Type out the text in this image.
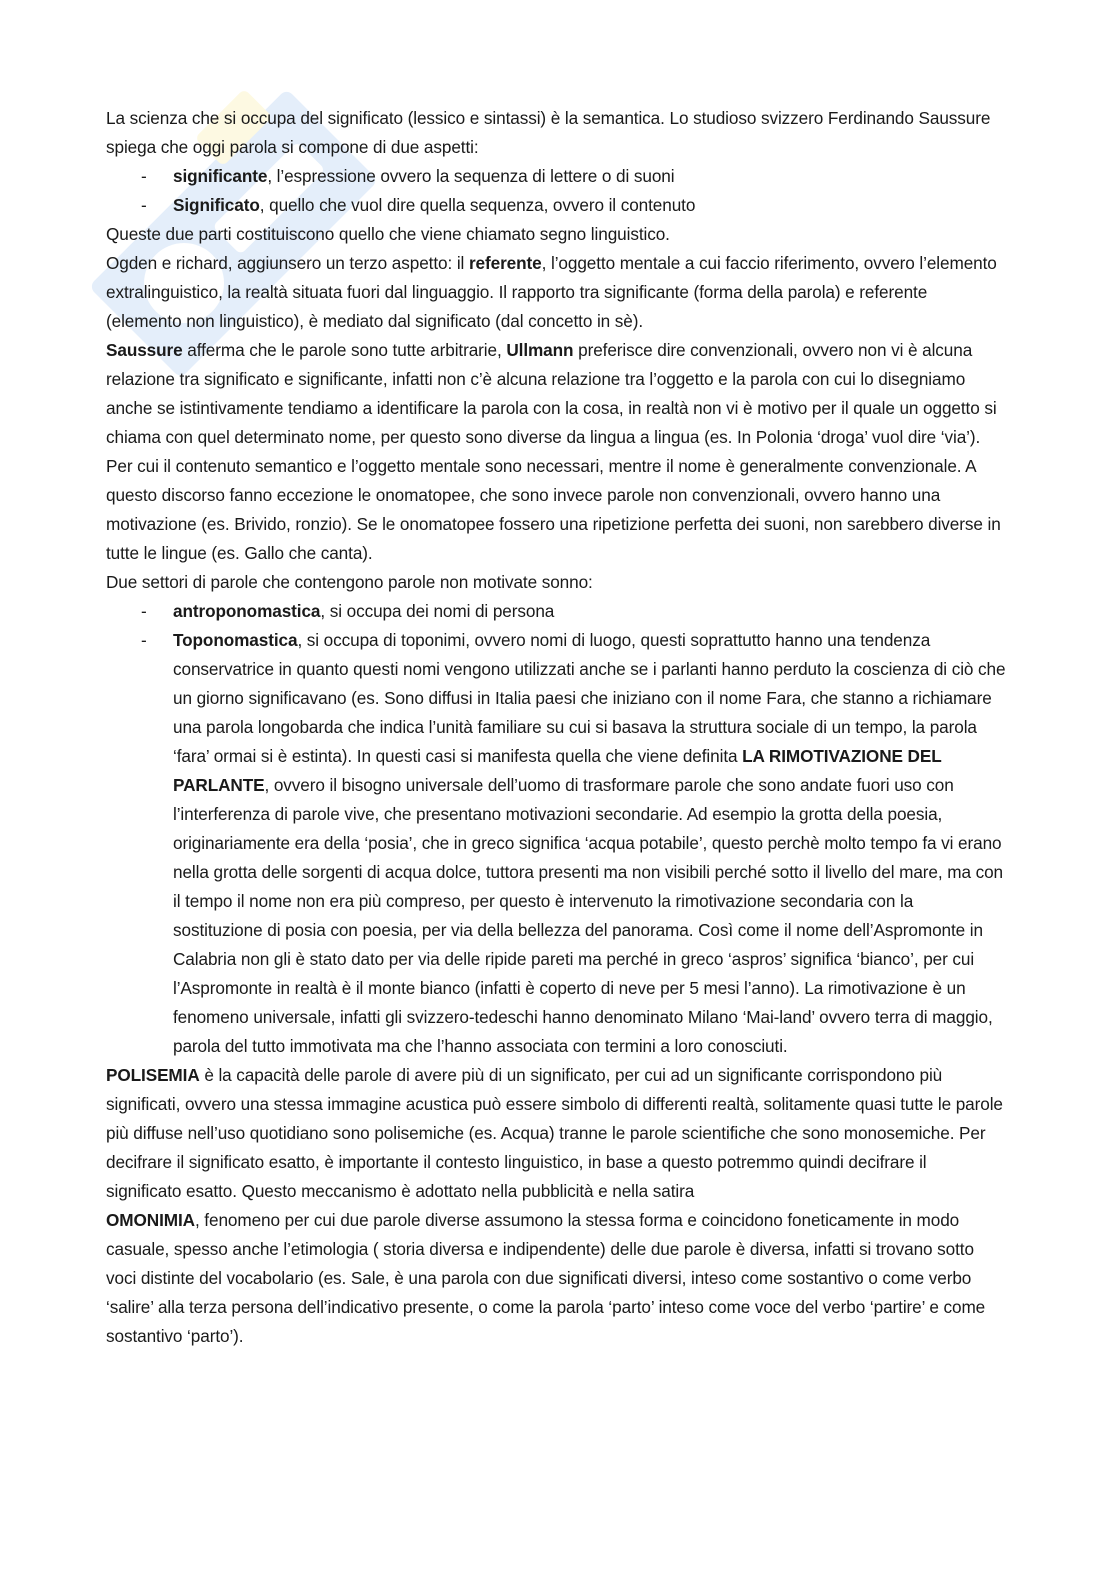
La scienza che si occupa del significato (lessico e sintassi) è la semantica. Lo studioso svizzero Ferdinando Saussure spiega che oggi parola si compone di due aspetti:

- significante, l’espressione ovvero la sequenza di lettere o di suoni
- Significato, quello che vuol dire quella sequenza, ovvero il contenuto

Queste due parti costituiscono quello che viene chiamato segno linguistico.

Ogden e richard, aggiunsero un terzo aspetto: il referente, l’oggetto mentale a cui faccio riferimento, ovvero l’elemento extralinguistico, la realtà situata fuori dal linguaggio. Il rapporto tra significante (forma della parola) e referente (elemento non linguistico), è mediato dal significato (dal concetto in sè).

Saussure afferma che le parole sono tutte arbitrarie, Ullmann preferisce dire convenzionali, ovvero non vi è alcuna relazione tra significato e significante, infatti non c’è alcuna relazione tra l’oggetto e la parola con cui lo disegniamo anche se istintivamente tendiamo a identificare la parola con la cosa, in realtà non vi è motivo per il quale un oggetto si chiama con quel determinato nome, per questo sono diverse da lingua a lingua (es. In Polonia ‘droga’ vuol dire ‘via’). Per cui il contenuto semantico e l’oggetto mentale sono necessari, mentre il nome è generalmente convenzionale. A questo discorso fanno eccezione le onomatopee, che sono invece parole non convenzionali, ovvero hanno una motivazione (es. Brivido, ronzio). Se le onomatopee fossero una ripetizione perfetta dei suoni, non sarebbero diverse in tutte le lingue (es. Gallo che canta).

Due settori di parole che contengono parole non motivate sonno:

- antroponomastica, si occupa dei nomi di persona
- Toponomastica, si occupa di toponimi, ovvero nomi di luogo, questi soprattutto hanno una tendenza conservatrice in quanto questi nomi vengono utilizzati anche se i parlanti hanno perduto la coscienza di ciò che un giorno significavano (es. Sono diffusi in Italia paesi che iniziano con il nome Fara, che stanno a richiamare una parola longobarda che indica l’unità familiare su cui si basava la struttura sociale di un tempo, la parola ‘fara’ ormai si è estinta). In questi casi si manifesta quella che viene definita LA RIMOTIVAZIONE DEL PARLANTE, ovvero il bisogno universale dell’uomo di trasformare parole che sono andate fuori uso con l’interferenza di parole vive, che presentano motivazioni secondarie. Ad esempio la grotta della poesia, originariamente era della ‘posia’, che in greco significa ‘acqua potabile’, questo perchè molto tempo fa vi erano nella grotta delle sorgenti di acqua dolce, tuttora presenti ma non visibili perché sotto il livello del mare, ma con il tempo il nome non era più compreso, per questo è intervenuto la rimotivazione secondaria con la sostituzione di posia con poesia, per via della bellezza del panorama. Così come il nome dell’Aspromonte in Calabria non gli è stato dato per via delle ripide pareti ma perché in greco ‘aspros’ significa ‘bianco’, per cui l’Aspromonte in realtà è il monte bianco (infatti è coperto di neve per 5 mesi l’anno). La rimotivazione è un fenomeno universale, infatti gli svizzero-tedeschi hanno denominato Milano ‘Mai-land’ ovvero terra di maggio, parola del tutto immotivata ma che l’hanno associata con termini a loro conosciuti.

POLISEMIA è la capacità delle parole di avere più di un significato, per cui ad un significante corrispondono più significati, ovvero una stessa immagine acustica può essere simbolo di differenti realtà, solitamente quasi tutte le parole più diffuse nell’uso quotidiano sono polisemiche (es. Acqua) tranne le parole scientifiche che sono monosemiche. Per decifrare il significato esatto, è importante il contesto linguistico, in base a questo potremmo quindi decifrare il significato esatto. Questo meccanismo è adottato nella pubblicità e nella satira

OMONIMIA, fenomeno per cui due parole diverse assumono la stessa forma e coincidono foneticamente in modo casuale, spesso anche l’etimologia ( storia diversa e indipendente) delle due parole è diversa, infatti si trovano sotto voci distinte del vocabolario (es. Sale, è una parola con due significati diversi, inteso come sostantivo o come verbo ‘salire’ alla terza persona dell’indicativo presente, o come la parola ‘parto’ inteso come voce del verbo ‘partire’ e come sostantivo ‘parto’).
